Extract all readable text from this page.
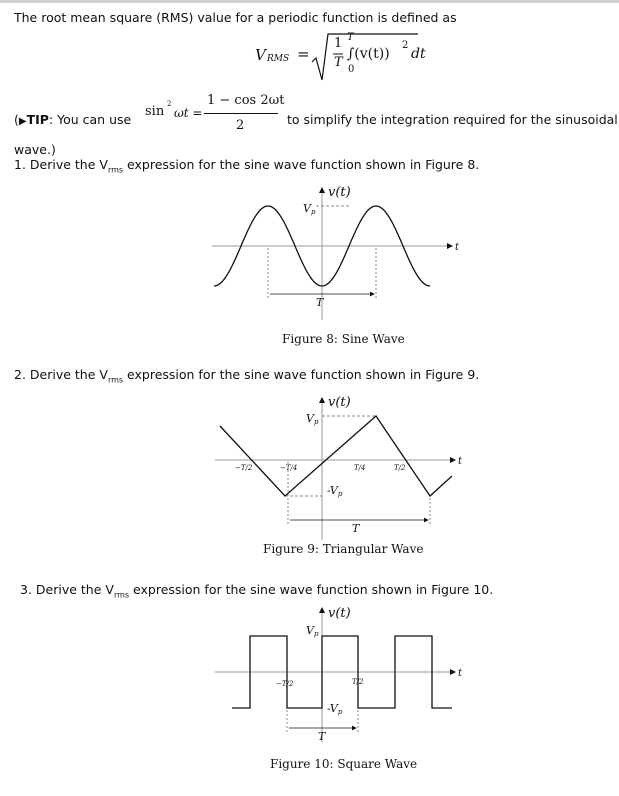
The root mean square (RMS) value for a periodic function is defined as
V RMS =
1
T
T
∫(v(t))
2
dt
0
(▶TIP: You can use
sin 2
ωt =
1 − cos 2ωt
2	to simplify the integration required for the sinusoidal
wave.)
1. Derive the $V_{rms}$ expression for the sine wave function shown in Figure 8.
v(t)
t
Vp
T
Figure 8: Sine Wave
2. Derive the $V_{rms}$ expression for the sine wave function shown in Figure 9.
v(t)
t
Vp
-Vp
−T/2	−T/4	T/4	T/2
T
Figure 9: Triangular Wave
3. Derive the $V_{rms}$ expression for the sine wave function shown in Figure 10.
v(t)
t
Vp
-Vp
−T/2	T/2
T
Figure 10: Square Wave
